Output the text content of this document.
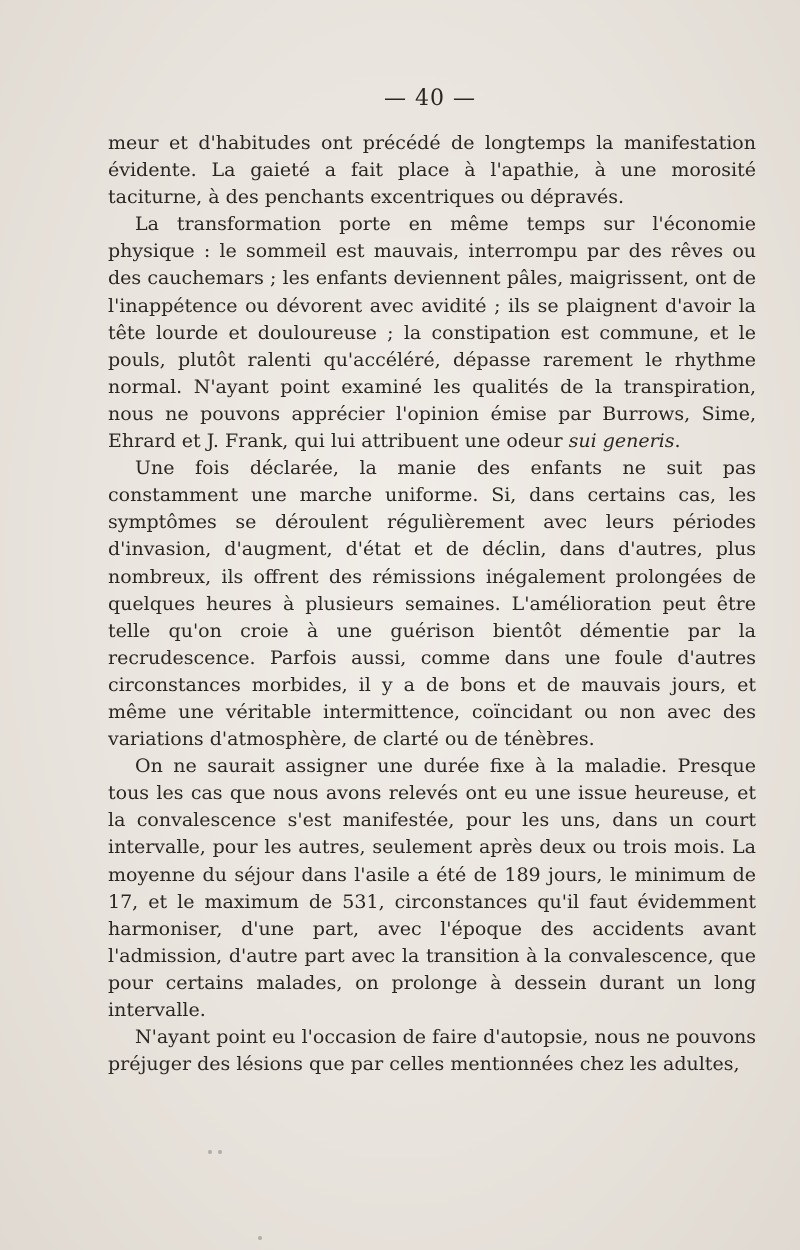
— 40 —

meur et d'habitudes ont précédé de longtemps la manifestation évidente. La gaieté a fait place à l'apathie, à une morosité taciturne, à des penchants excentriques ou dépravés.

La transformation porte en même temps sur l'économie physique : le sommeil est mauvais, interrompu par des rêves ou des cauchemars ; les enfants deviennent pâles, maigrissent, ont de l'inappétence ou dévorent avec avidité ; ils se plaignent d'avoir la tête lourde et douloureuse ; la constipation est commune, et le pouls, plutôt ralenti qu'accéléré, dépasse rarement le rhythme normal. N'ayant point examiné les qualités de la transpiration, nous ne pouvons apprécier l'opinion émise par Burrows, Sime, Ehrard et J. Frank, qui lui attribuent une odeur sui generis.

Une fois déclarée, la manie des enfants ne suit pas constamment une marche uniforme. Si, dans certains cas, les symptômes se déroulent régulièrement avec leurs périodes d'invasion, d'augment, d'état et de déclin, dans d'autres, plus nombreux, ils offrent des rémissions inégalement prolongées de quelques heures à plusieurs semaines. L'amélioration peut être telle qu'on croie à une guérison bientôt démentie par la recrudescence. Parfois aussi, comme dans une foule d'autres circonstances morbides, il y a de bons et de mauvais jours, et même une véritable intermittence, coïncidant ou non avec des variations d'atmosphère, de clarté ou de ténèbres.

On ne saurait assigner une durée fixe à la maladie. Presque tous les cas que nous avons relevés ont eu une issue heureuse, et la convalescence s'est manifestée, pour les uns, dans un court intervalle, pour les autres, seulement après deux ou trois mois. La moyenne du séjour dans l'asile a été de 189 jours, le minimum de 17, et le maximum de 531, circonstances qu'il faut évidemment harmoniser, d'une part, avec l'époque des accidents avant l'admission, d'autre part avec la transition à la convalescence, que pour certains malades, on prolonge à dessein durant un long intervalle.

N'ayant point eu l'occasion de faire d'autopsie, nous ne pouvons préjuger des lésions que par celles mentionnées chez les adultes,
